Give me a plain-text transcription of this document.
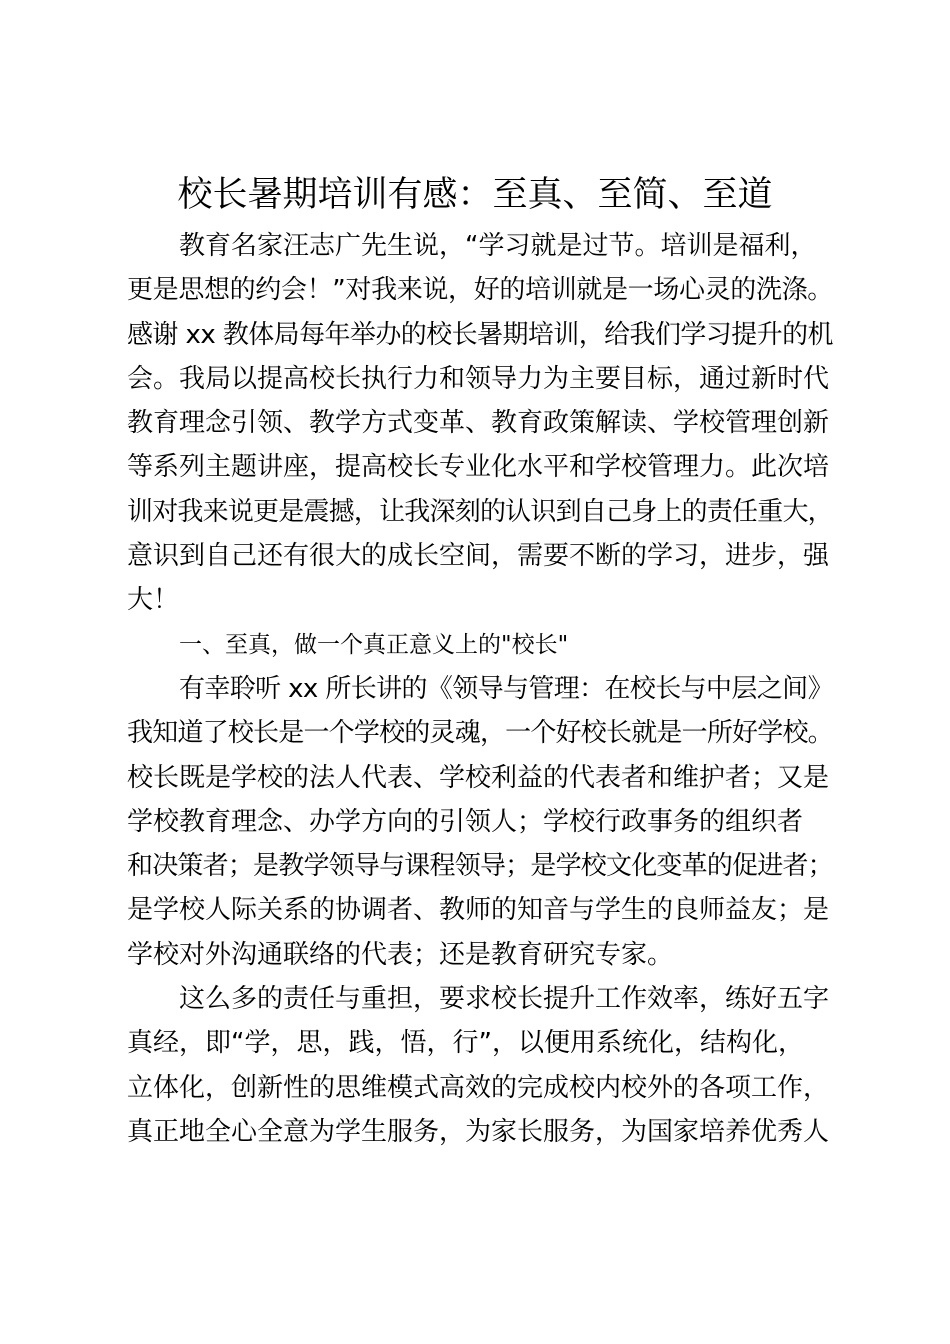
校长暑期培训有感：至真、至简、至道
教育名家汪志广先生说，“学习就是过节。培训是福利，
更是思想的约会！”对我来说，好的培训就是一场心灵的洗涤。
感谢 xx 教体局每年举办的校长暑期培训，给我们学习提升的机
会。我局以提高校长执行力和领导力为主要目标，通过新时代
教育理念引领、教学方式变革、教育政策解读、学校管理创新
等系列主题讲座，提高校长专业化水平和学校管理力。此次培
训对我来说更是震撼，让我深刻的认识到自己身上的责任重大，
意识到自己还有很大的成长空间，需要不断的学习，进步，强
大！
一、至真，做一个真正意义上的"校长"
有幸聆听 xx 所长讲的《领导与管理：在校长与中层之间》
我知道了校长是一个学校的灵魂，一个好校长就是一所好学校。
校长既是学校的法人代表、学校利益的代表者和维护者；又是
学校教育理念、办学方向的引领人；学校行政事务的组织者
和决策者；是教学领导与课程领导；是学校文化变革的促进者；
是学校人际关系的协调者、教师的知音与学生的良师益友；是
学校对外沟通联络的代表；还是教育研究专家。
这么多的责任与重担，要求校长提升工作效率，练好五字
真经，即“学，思，践，悟，行”，以便用系统化，结构化，
立体化，创新性的思维模式高效的完成校内校外的各项工作，
真正地全心全意为学生服务，为家长服务，为国家培养优秀人
